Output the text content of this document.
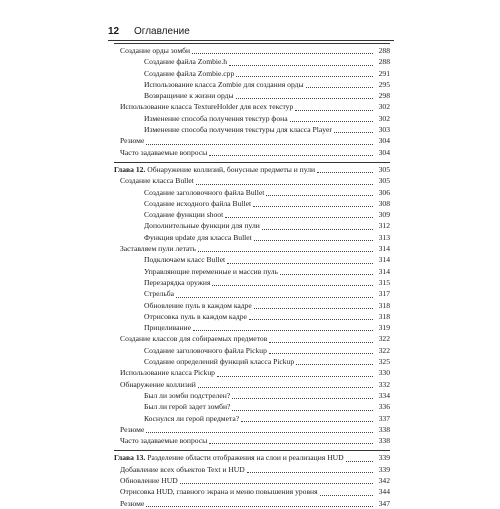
12	Оглавление
Создание орды зомби	288
Создание файла Zombie.h	288
Создание файла Zombie.cpp	291
Использование класса Zombie для создания орды	295
Возвращение к жизни орды	298
Использование класса TextureHolder для всех текстур	302
Изменение способа получения текстур фона	302
Изменение способа получения текстуры для класса Player	303
Резюме	304
Часто задаваемые вопросы	304
Глава 12. Обнаружение коллизий, бонусные предметы и пули	305
Создание класса Bullet	305
Создание заголовочного файла Bullet	306
Создание исходного файла Bullet	308
Создание функции shoot	309
Дополнительные функции для пули	312
Функция update для класса Bullet	313
Заставляем пули летать	314
Подключаем класс Bullet	314
Управляющие переменные и массив пуль	314
Перезарядка оружия	315
Стрельба	317
Обновление пуль в каждом кадре	318
Отрисовка пуль в каждом кадре	318
Прицеливание	319
Создание классов для собираемых предметов	322
Создание заголовочного файла Pickup	322
Создание определений функций класса Pickup	325
Использование класса Pickup	330
Обнаружение коллизий	332
Был ли зомби подстрелен?	334
Был ли герой задет зомби?	336
Коснулся ли герой предмета?	337
Резюме	338
Часто задаваемые вопросы	338
Глава 13. Разделение области отображения на слои и реализация HUD	339
Добавление всех объектов Text и HUD	339
Обновление HUD	342
Отрисовка HUD, главного экрана и меню повышения уровня	344
Резюме	347
